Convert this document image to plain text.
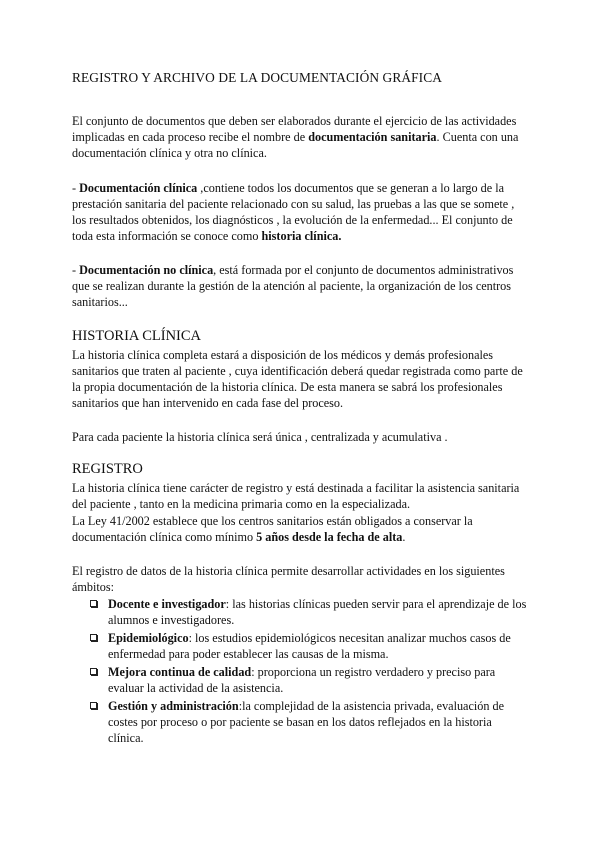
REGISTRO Y ARCHIVO DE LA DOCUMENTACIÓN GRÁFICA

El conjunto de documentos que deben ser elaborados durante el ejercicio de las actividades implicadas en cada proceso recibe el nombre de documentación sanitaria. Cuenta con una documentación clínica y otra no clínica.

- Documentación clínica ,contiene todos los documentos que se generan a lo largo de la prestación sanitaria del paciente relacionado con su salud, las pruebas a las que se somete , los resultados obtenidos, los diagnósticos , la evolución de la enfermedad... El conjunto de toda esta información se conoce como historia clínica.

- Documentación no clínica, está formada por el conjunto de documentos administrativos que se realizan durante la gestión de la atención al paciente, la organización de los centros sanitarios...

HISTORIA CLÍNICA

La historia clínica completa estará a disposición de los médicos y demás profesionales sanitarios que traten al paciente , cuya identificación deberá quedar registrada como parte de la propia documentación de la historia clínica. De esta manera se sabrá los profesionales sanitarios que han intervenido en cada fase del proceso.

Para cada paciente la historia clínica será única , centralizada y acumulativa .

REGISTRO

La historia clínica tiene carácter de registro y está destinada a facilitar la asistencia sanitaria del paciente , tanto en la medicina primaria como en la especializada.

La Ley 41/2002 establece que los centros sanitarios están obligados a conservar la documentación clínica como mínimo 5 años desde la fecha de alta.

El registro de datos de la historia clínica permite desarrollar actividades en los siguientes ámbitos:

Docente e investigador: las historias clínicas pueden servir para el aprendizaje de los alumnos e investigadores.
Epidemiológico: los estudios epidemiológicos necesitan analizar muchos casos de enfermedad para poder establecer las causas de la misma.
Mejora continua de calidad: proporciona un registro verdadero y preciso para evaluar la actividad de la asistencia.
Gestión y administración:la complejidad de la asistencia privada, evaluación de costes por proceso o por paciente se basan en los datos reflejados en la historia clínica.
